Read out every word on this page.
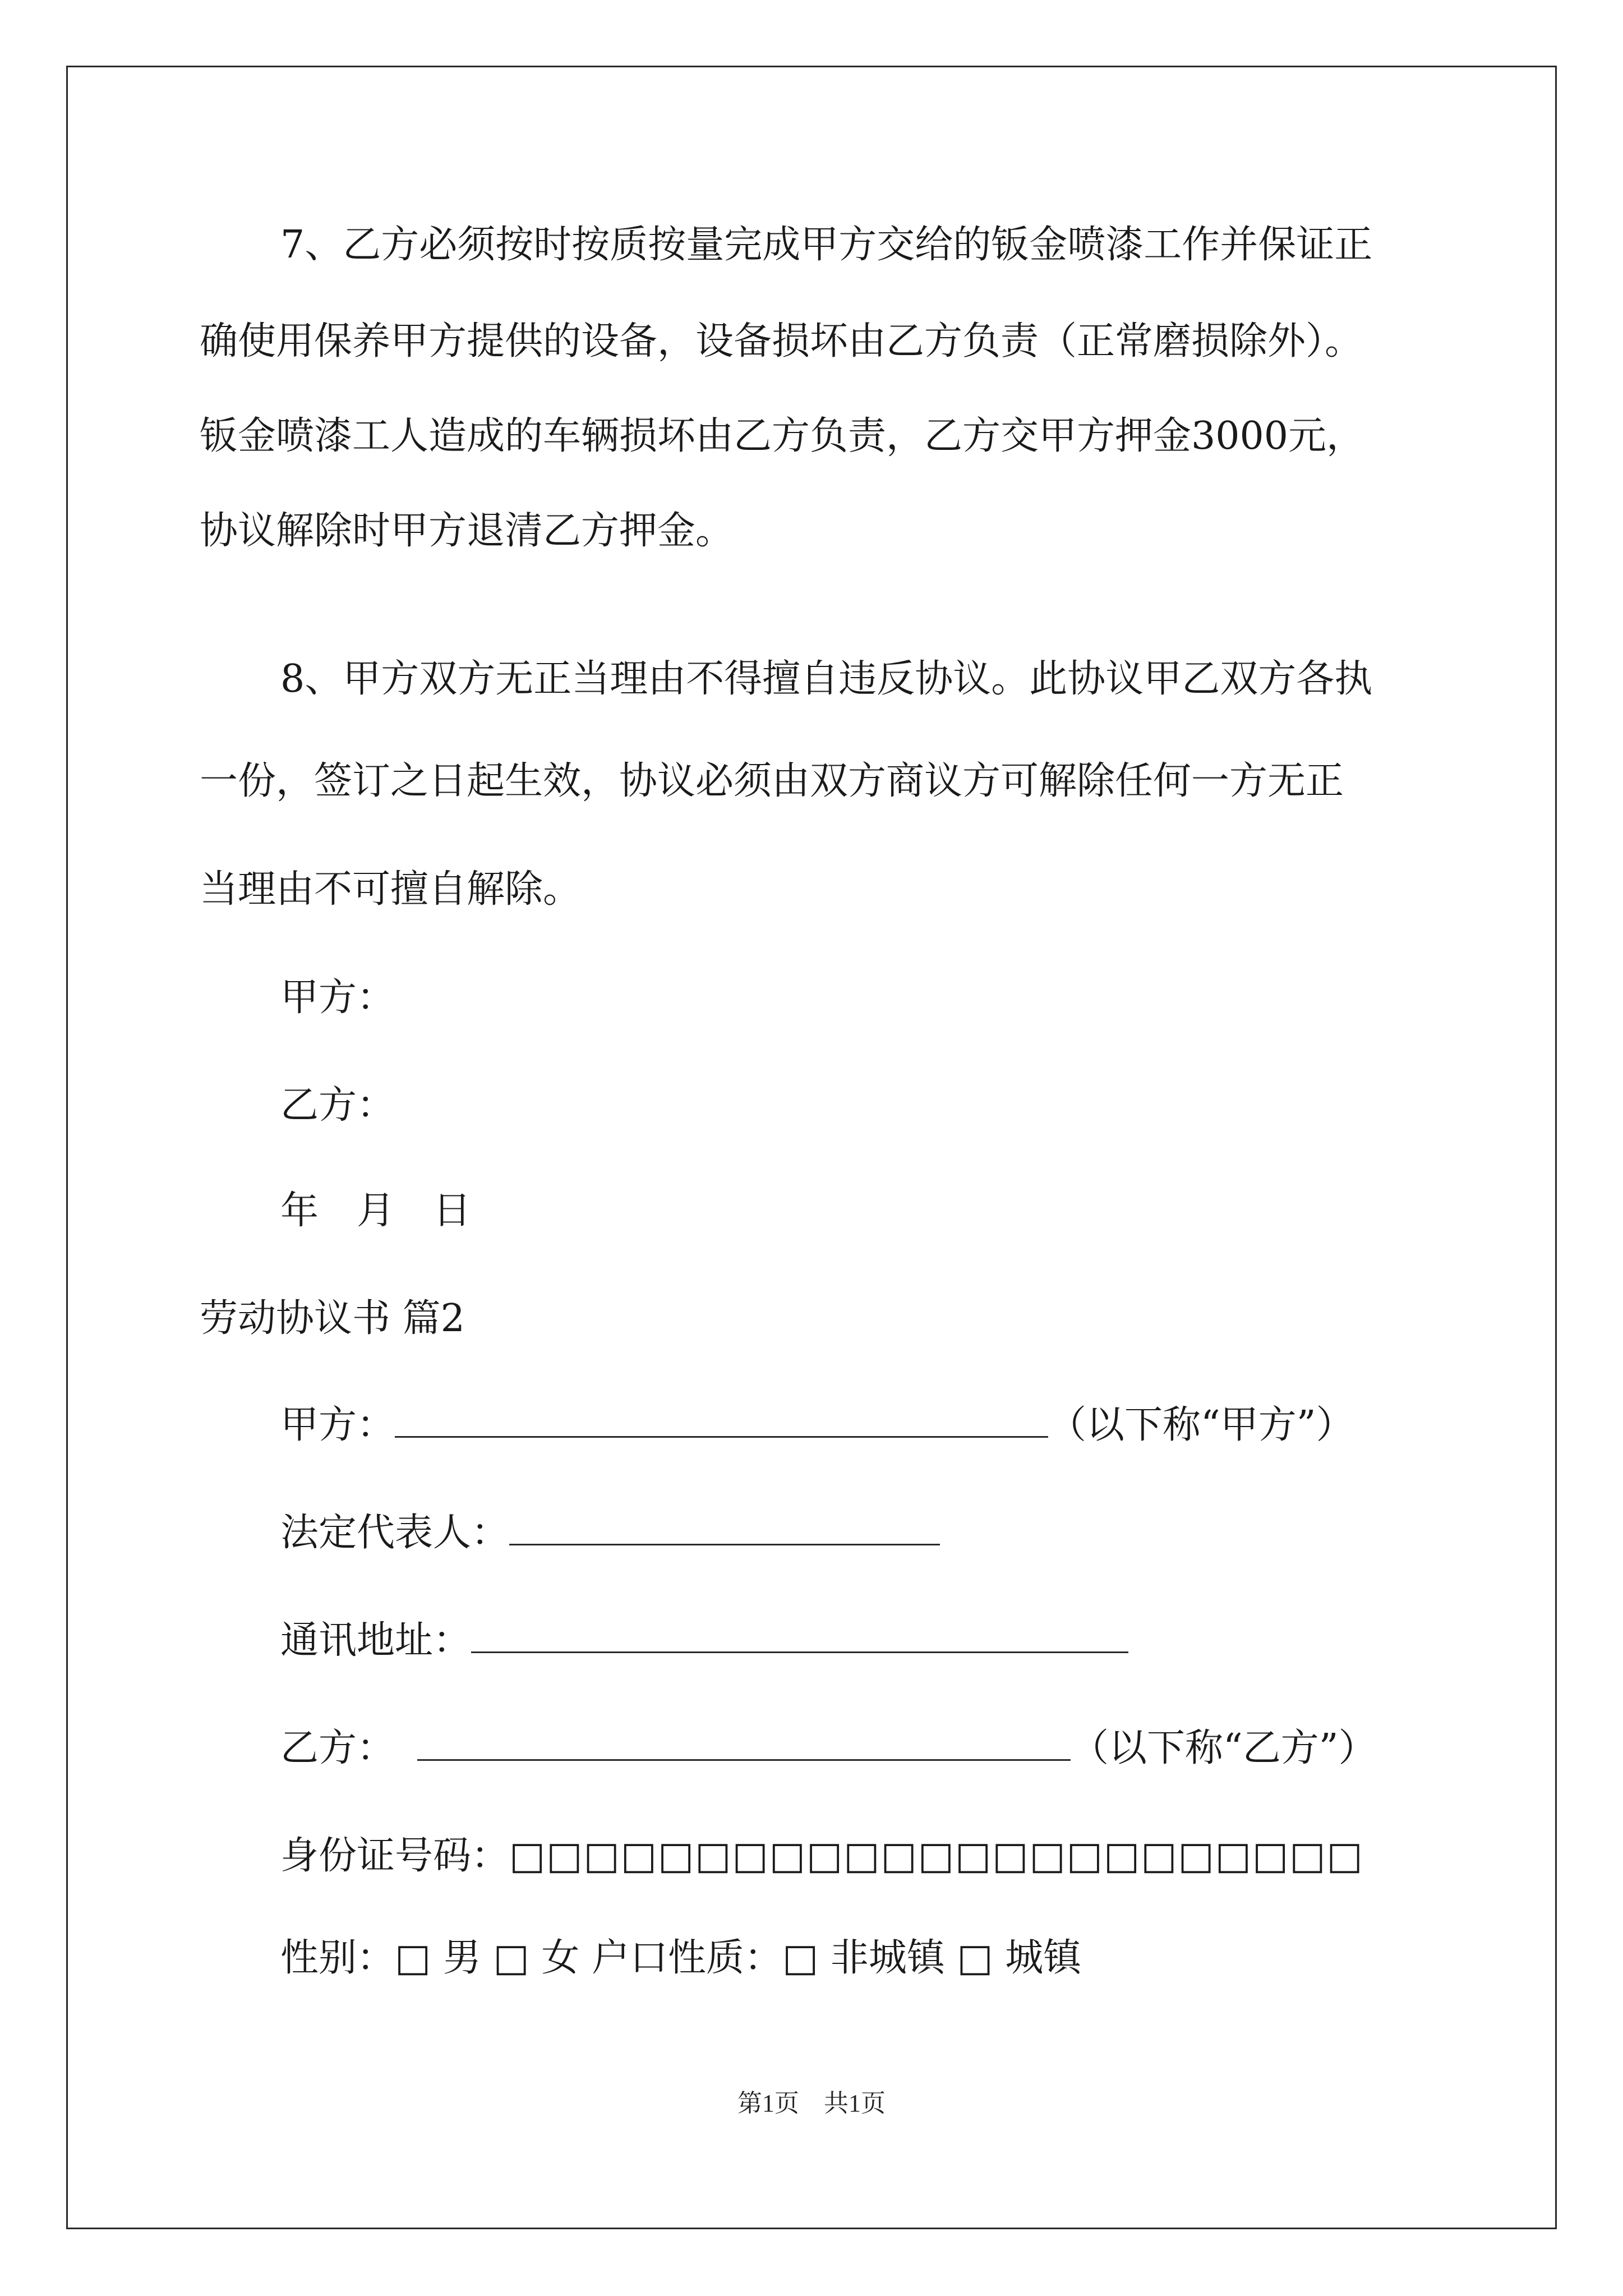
7、乙方必须按时按质按量完成甲方交给的钣金喷漆工作并保证正

确使用保养甲方提供的设备，设备损坏由乙方负责（正常磨损除外）。

钣金喷漆工人造成的车辆损坏由乙方负责，乙方交甲方押金3000元，

协议解除时甲方退清乙方押金。

8、甲方双方无正当理由不得擅自违反协议。此协议甲乙双方各执

一份，签订之日起生效，协议必须由双方商议方可解除任何一方无正

当理由不可擅自解除。

甲方：

乙方：

年　月　日

劳动协议书 篇2

甲方：	（以下称“甲方”）

法定代表人：

通讯地址：

乙方：	（以下称“乙方”）

身份证号码：□□□□□□□□□□□□□□□□□□□□□□□

性别：□ 男 □ 女 户口性质：□ 非城镇 □ 城镇

第1页　共1页
